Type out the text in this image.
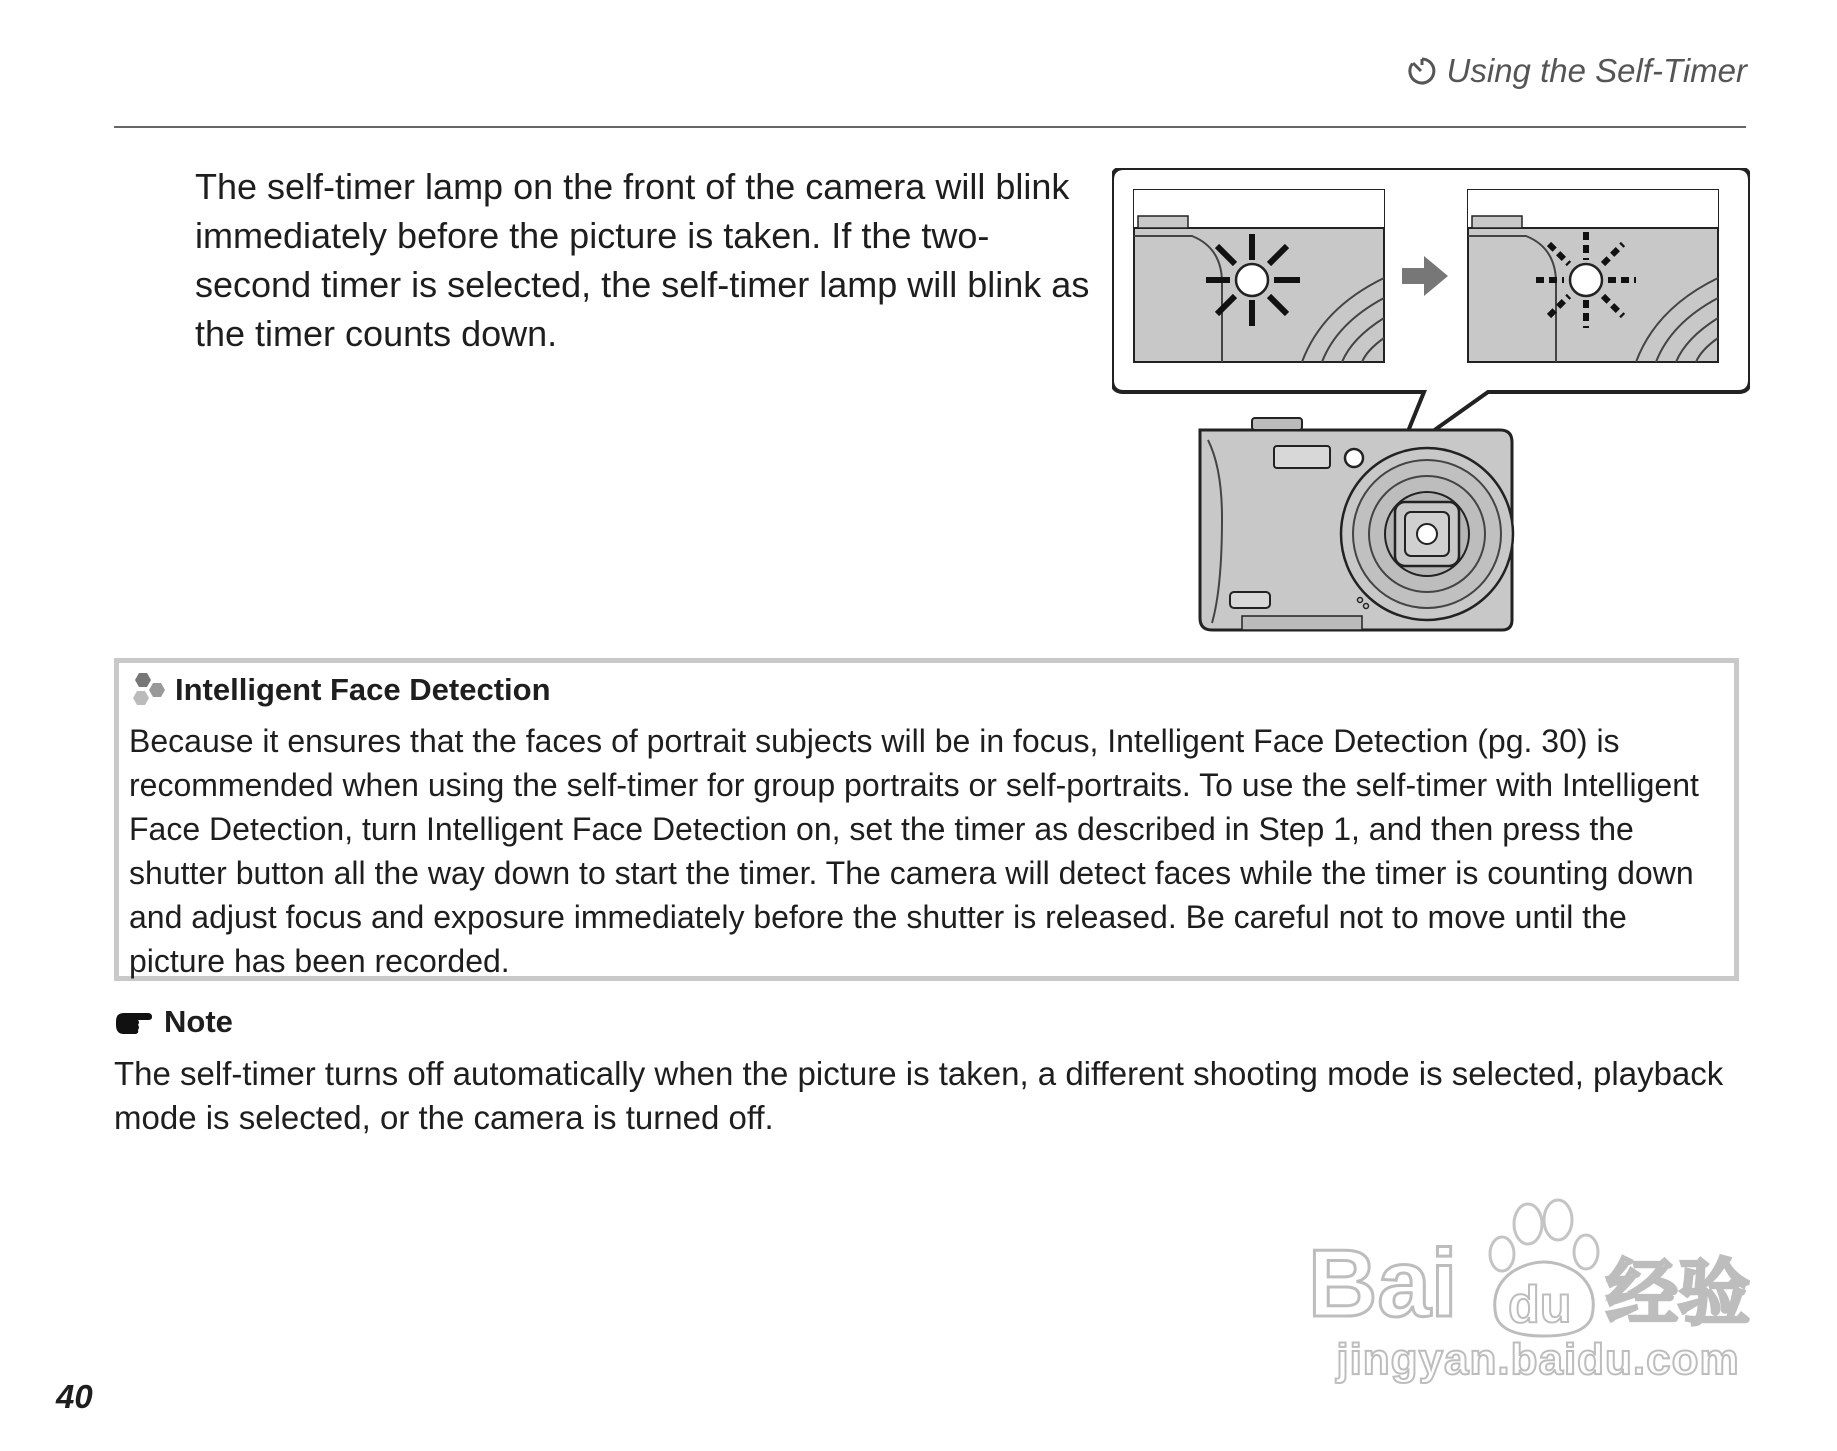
Using the Self-Timer
The self-timer lamp on the front of the camera will blink immediately before the picture is taken. If the two-second timer is selected, the self-timer lamp will blink as the timer counts down.
Intelligent Face Detection
Because it ensures that the faces of portrait subjects will be in focus, Intelligent Face Detection (pg. 30) is recommended when using the self-timer for group portraits or self-portraits. To use the self-timer with Intelligent Face Detection, turn Intelligent Face Detection on, set the timer as described in Step 1, and then press the shutter button all the way down to start the timer. The camera will detect faces while the timer is counting down and adjust focus and exposure immediately before the shutter is released. Be careful not to move until the picture has been recorded.
Note
The self-timer turns off automatically when the picture is taken, a different shooting mode is selected, playback mode is selected, or the camera is turned off.
40
Bai du 经验
jingyan.baidu.com
